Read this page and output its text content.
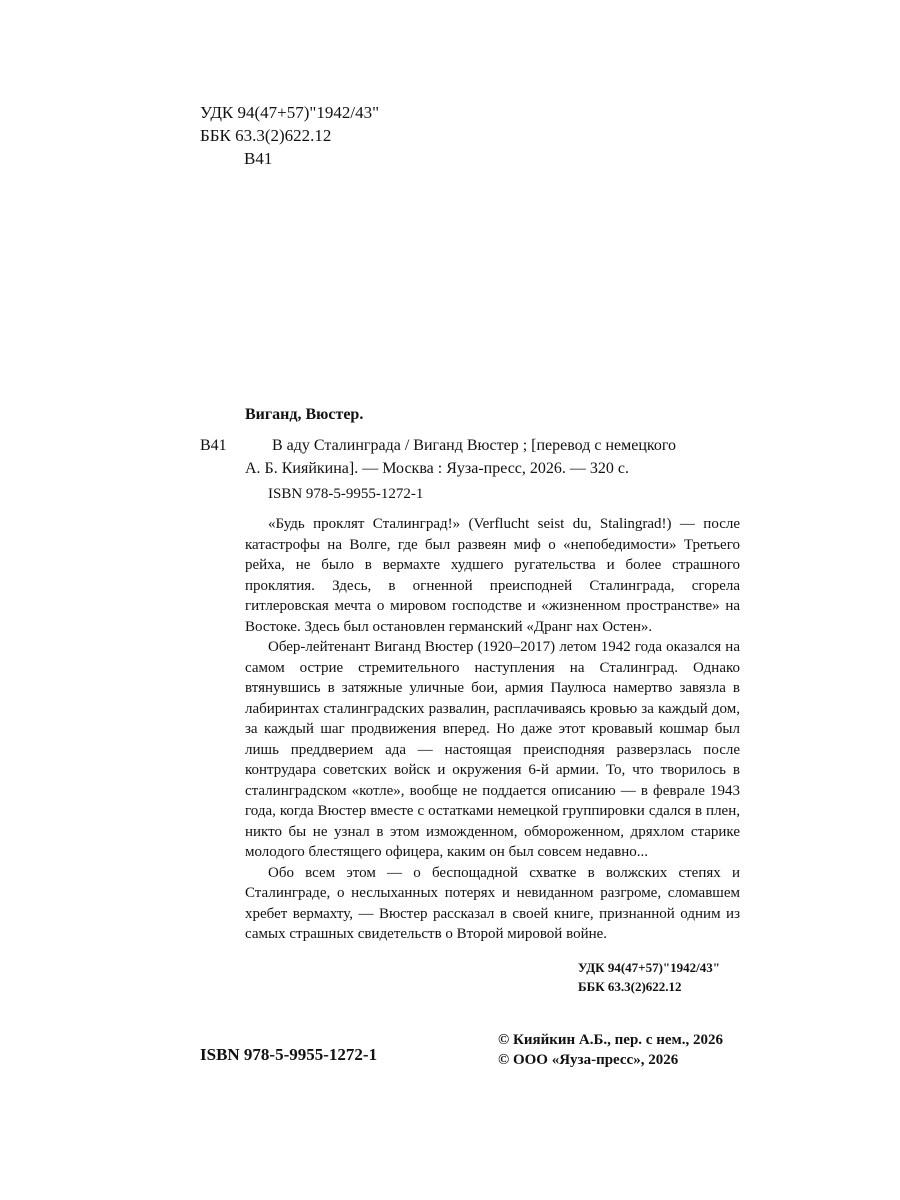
УДК 94(47+57)"1942/43"
ББК 63.3(2)622.12
В41
Виганд, Вюстер.
В41	В аду Сталинграда / Виганд Вюстер ; [перевод с немецкого
А. Б. Кияйкина]. — Москва : Яуза-пресс, 2026. — 320 с.
ISBN 978-5-9955-1272-1

«Будь проклят Сталинград!» (Verflucht seist du, Stalingrad!) — после катастрофы на Волге, где был развеян миф о «непобедимости» Третьего рейха, не было в вермахте худшего ругательства и более страшного проклятия. Здесь, в огненной преисподней Сталинграда, сгорела гитлеровская мечта о мировом господстве и «жизненном пространстве» на Востоке. Здесь был остановлен германский «Дранг нах Остен».

Обер-лейтенант Виганд Вюстер (1920–2017) летом 1942 года оказался на самом острие стремительного наступления на Сталинград. Однако втянувшись в затяжные уличные бои, армия Паулюса намертво завязла в лабиринтах сталинградских развалин, расплачиваясь кровью за каждый дом, за каждый шаг продвижения вперед. Но даже этот кровавый кошмар был лишь преддверием ада — настоящая преисподняя разверзлась после контрудара советских войск и окружения 6-й армии. То, что творилось в сталинградском «котле», вообще не поддается описанию — в феврале 1943 года, когда Вюстер вместе с остатками немецкой группировки сдался в плен, никто бы не узнал в этом изможденном, обмороженном, дряхлом старике молодого блестящего офицера, каким он был совсем недавно...

Обо всем этом — о беспощадной схватке в волжских степях и Сталинграде, о неслыханных потерях и невиданном разгроме, сломавшем хребет вермахту, — Вюстер рассказал в своей книге, признанной одним из самых страшных свидетельств о Второй мировой войне.

УДК 94(47+57)"1942/43"
ББК 63.3(2)622.12
ISBN 978-5-9955-1272-1
© Кияйкин А.Б., пер. с нем., 2026
© ООО «Яуза-пресс», 2026
